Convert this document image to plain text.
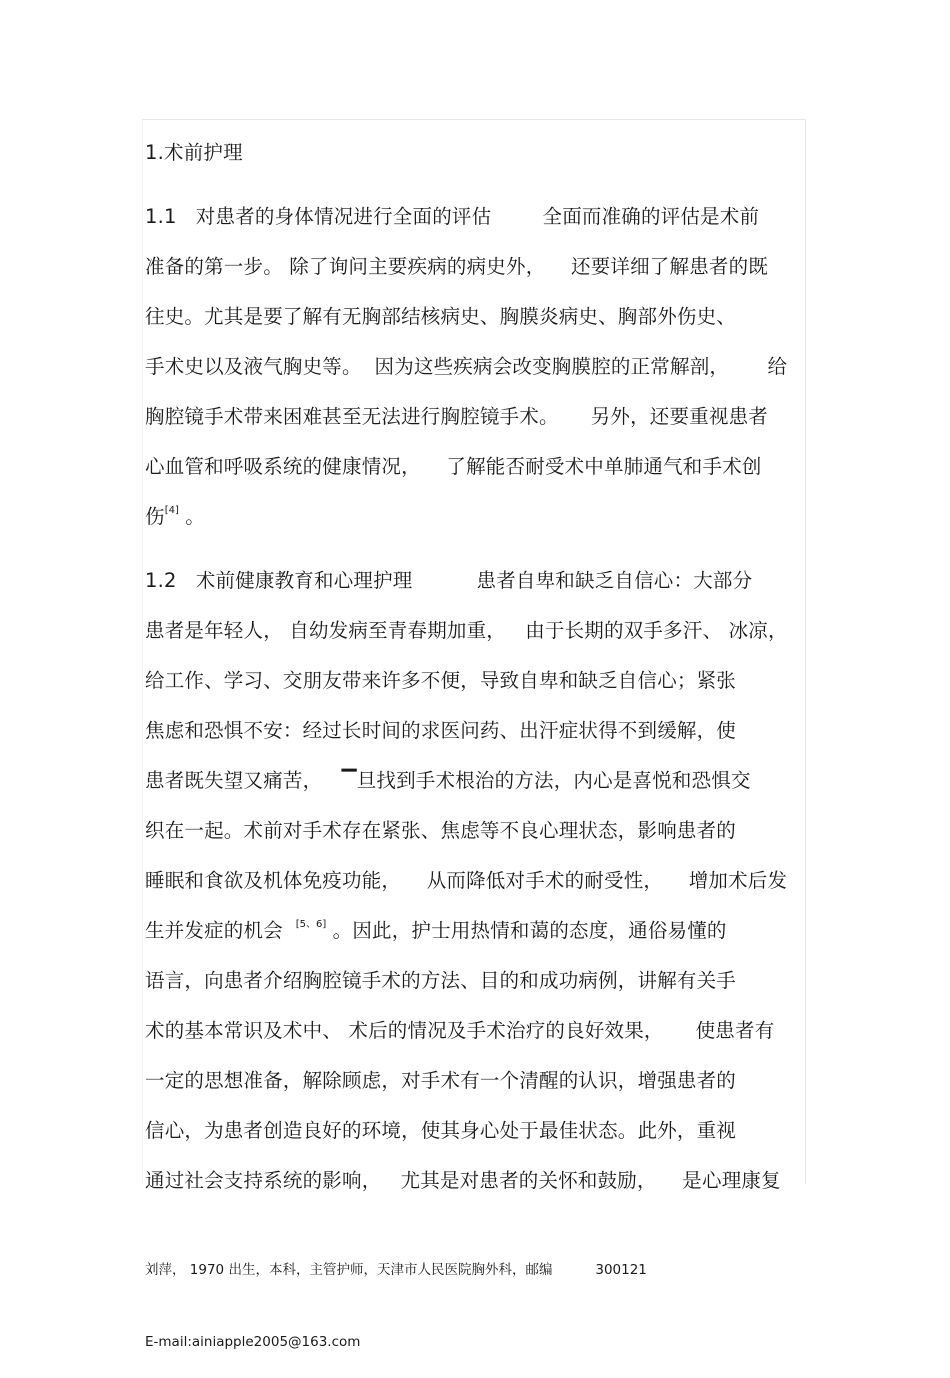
1.术前护理
1.1   对患者的身体情况进行全面的评估        全面而准确的评估是术前
准备的第一步。 除了询问主要疾病的病史外，    还要详细了解患者的既
往史。尤其是要了解有无胸部结核病史、胸膜炎病史、胸部外伤史、
手术史以及液气胸史等。  因为这些疾病会改变胸膜腔的正常解剖，      给
胸腔镜手术带来困难甚至无法进行胸腔镜手术。     另外，还要重视患者
心血管和呼吸系统的健康情况，    了解能否耐受术中单肺通气和手术创
伤[4] 。
1.2   术前健康教育和心理护理          患者自卑和缺乏自信心：大部分
患者是年轻人， 自幼发病至青春期加重，   由于长期的双手多汗、 冰凉，
给工作、学习、交朋友带来许多不便，导致自卑和缺乏自信心；紧张
焦虑和恐惧不安：经过长时间的求医问药、出汗症状得不到缓解，使
患者既失望又痛苦，   ▔旦找到手术根治的方法，内心是喜悦和恐惧交
织在一起。术前对手术存在紧张、焦虑等不良心理状态，影响患者的
睡眠和食欲及机体免疫功能，    从而降低对手术的耐受性，    增加术后发
生并发症的机会  [5、6] 。因此，护士用热情和蔼的态度，通俗易懂的
语言，向患者介绍胸腔镜手术的方法、目的和成功病例，讲解有关手
术的基本常识及术中、 术后的情况及手术治疗的良好效果，     使患者有
一定的思想准备，解除顾虑，对手术有一个清醒的认识，增强患者的
信心，为患者创造良好的环境，使其身心处于最佳状态。此外，重视
通过社会支持系统的影响，   尤其是对患者的关怀和鼓励，    是心理康复

刘萍， 1970 出生，本科，主管护师，天津市人民医院胸外科，邮编          300121

E-mail:ainiapple2005@163.com
